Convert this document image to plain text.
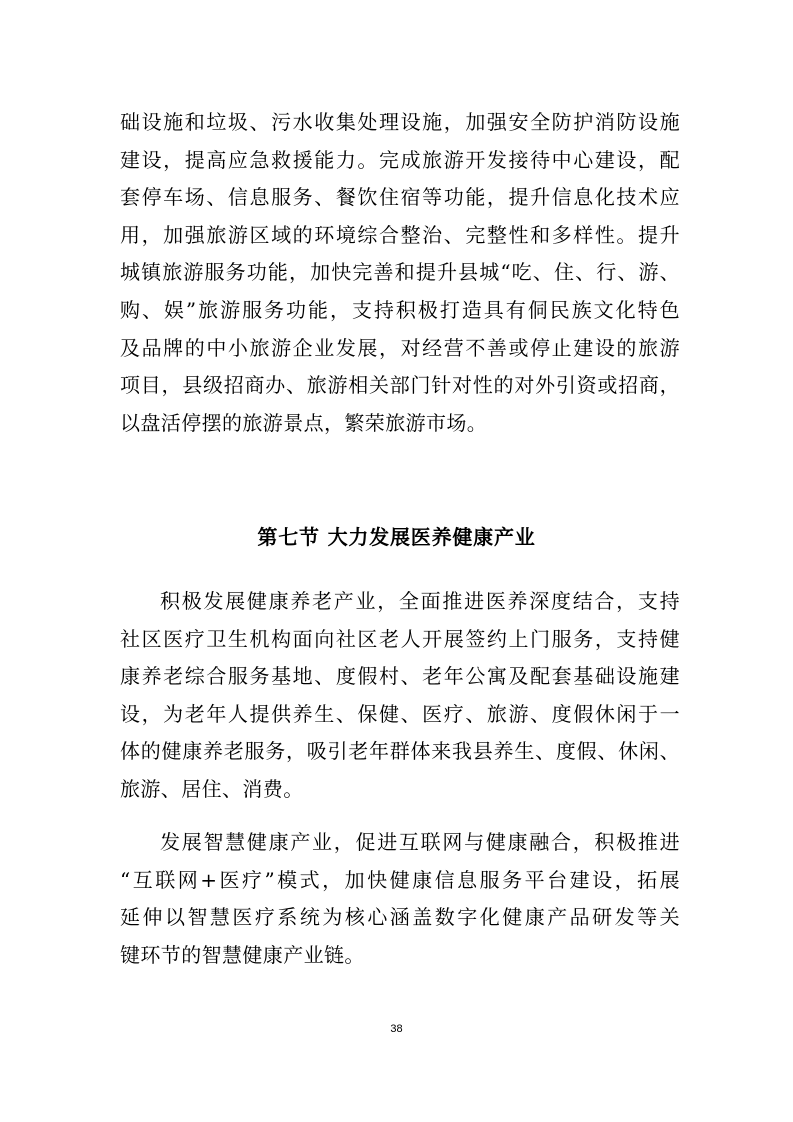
础设施和垃圾、污水收集处理设施，加强安全防护消防设施
建设，提高应急救援能力。完成旅游开发接待中心建设，配
套停车场、信息服务、餐饮住宿等功能，提升信息化技术应
用，加强旅游区域的环境综合整治、完整性和多样性。提升
城镇旅游服务功能，加快完善和提升县城“吃、住、行、游、
购、娱”旅游服务功能，支持积极打造具有侗民族文化特色
及品牌的中小旅游企业发展，对经营不善或停止建设的旅游
项目，县级招商办、旅游相关部门针对性的对外引资或招商，
以盘活停摆的旅游景点，繁荣旅游市场。
第七节 大力发展医养健康产业
积极发展健康养老产业，全面推进医养深度结合，支持
社区医疗卫生机构面向社区老人开展签约上门服务，支持健
康养老综合服务基地、度假村、老年公寓及配套基础设施建
设，为老年人提供养生、保健、医疗、旅游、度假休闲于一
体的健康养老服务，吸引老年群体来我县养生、度假、休闲、
旅游、居住、消费。
发展智慧健康产业，促进互联网与健康融合，积极推进
“互联网+医疗”模式，加快健康信息服务平台建设，拓展
延伸以智慧医疗系统为核心涵盖数字化健康产品研发等关
键环节的智慧健康产业链。
38
